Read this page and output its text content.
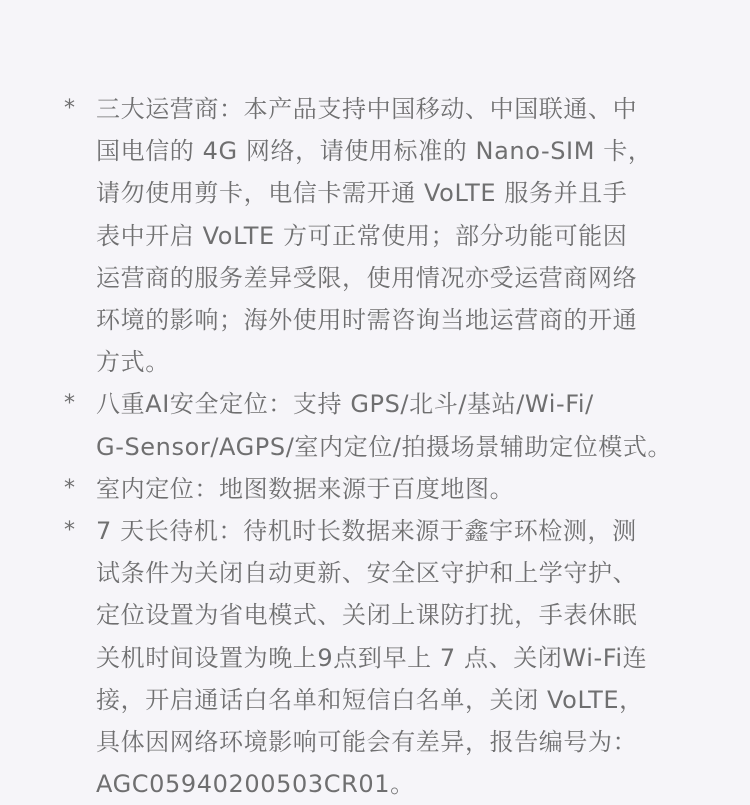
* 三大运营商：本产品支持中国移动、中国联通、中
国电信的 4G 网络，请使用标准的 Nano-SIM 卡，
请勿使用剪卡，电信卡需开通 VoLTE 服务并且手
表中开启 VoLTE 方可正常使用；部分功能可能因
运营商的服务差异受限，使用情况亦受运营商网络
环境的影响；海外使用时需咨询当地运营商的开通
方式。
* 八重AI安全定位：支持 GPS/北斗/基站/Wi-Fi/
G-Sensor/AGPS/室内定位/拍摄场景辅助定位模式。
* 室内定位：地图数据来源于百度地图。
* 7 天长待机：待机时长数据来源于鑫宇环检测，测
试条件为关闭自动更新、安全区守护和上学守护、
定位设置为省电模式、关闭上课防打扰，手表休眠
关机时间设置为晚上9点到早上 7 点、关闭Wi-Fi连
接，开启通话白名单和短信白名单，关闭 VoLTE，
具体因网络环境影响可能会有差异，报告编号为：
AGC05940200503CR01。
